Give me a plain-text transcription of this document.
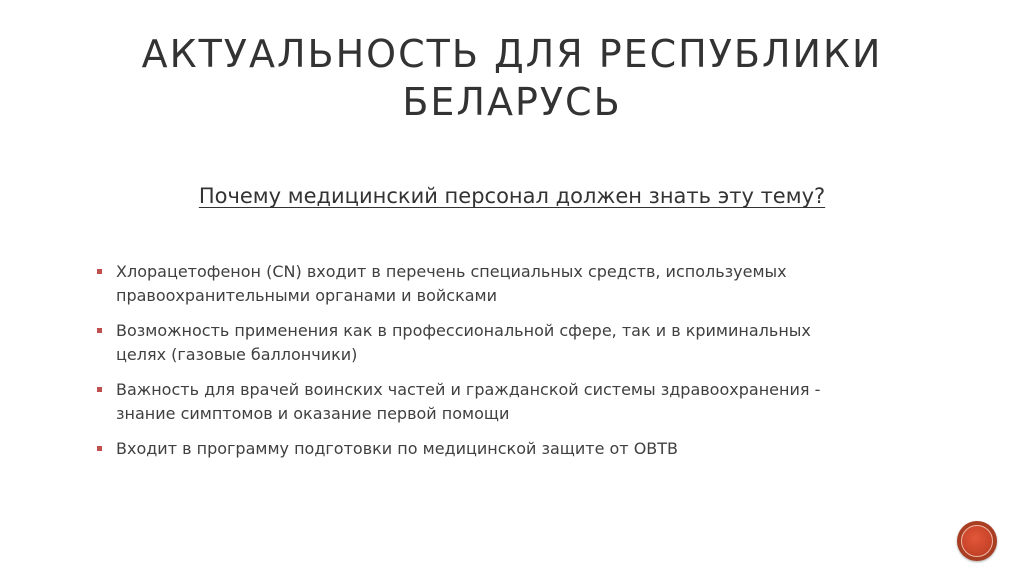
АКТУАЛЬНОСТЬ ДЛЯ РЕСПУБЛИКИ
БЕЛАРУСЬ
Почему медицинский персонал должен знать эту тему?
Хлорацетофенон (CN) входит в перечень специальных средств, используемых
правоохранительными органами и войсками
Возможность применения как в профессиональной сфере, так и в криминальных
целях (газовые баллончики)
Важность для врачей воинских частей и гражданской системы здравоохранения -
знание симптомов и оказание первой помощи
Входит в программу подготовки по медицинской защите от ОВТВ
